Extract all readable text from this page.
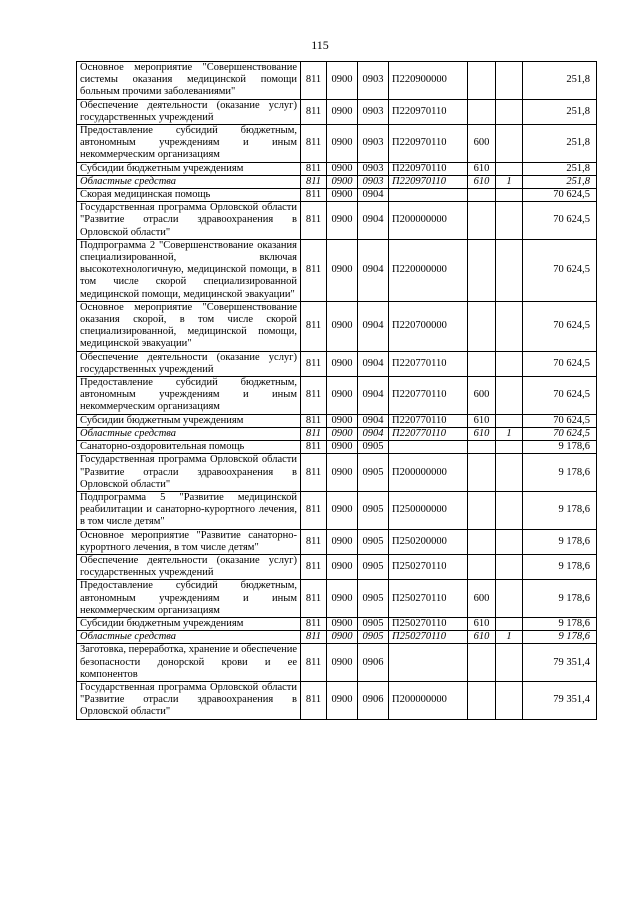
115
Основное мероприятие "Совершенствование системы оказания медицинской помощи больным прочими заболеваниями"	811	0900	0903	П220900000			251,8
Обеспечение деятельности (оказание услуг) государственных учреждений	811	0900	0903	П220970110			251,8
Предоставление субсидий бюджетным, автономным учреждениям и иным некоммерческим организациям	811	0900	0903	П220970110	600		251,8
Субсидии бюджетным учреждениям	811	0900	0903	П220970110	610		251,8
Областные средства	811	0900	0903	П220970110	610	1	251,8
Скорая медицинская помощь	811	0900	0904				70 624,5
Государственная программа Орловской области "Развитие отрасли здравоохранения в Орловской области"	811	0900	0904	П200000000			70 624,5
Подпрограмма 2 "Совершенствование оказания специализированной, включая высокотехнологичную, медицинской помощи, в том числе скорой специализированной медицинской помощи, медицинской эвакуации"	811	0900	0904	П220000000			70 624,5
Основное мероприятие "Совершенствование оказания скорой, в том числе скорой специализированной, медицинской помощи, медицинской эвакуации"	811	0900	0904	П220700000			70 624,5
Обеспечение деятельности (оказание услуг) государственных учреждений	811	0900	0904	П220770110			70 624,5
Предоставление субсидий бюджетным, автономным учреждениям и иным некоммерческим организациям	811	0900	0904	П220770110	600		70 624,5
Субсидии бюджетным учреждениям	811	0900	0904	П220770110	610		70 624,5
Областные средства	811	0900	0904	П220770110	610	1	70 624,5
Санаторно-оздоровительная помощь	811	0900	0905				9 178,6
Государственная программа Орловской области "Развитие отрасли здравоохранения в Орловской области"	811	0900	0905	П200000000			9 178,6
Подпрограмма 5 "Развитие медицинской реабилитации и санаторно-курортного лечения, в том числе детям"	811	0900	0905	П250000000			9 178,6
Основное мероприятие "Развитие санаторно-курортного лечения, в том числе детям"	811	0900	0905	П250200000			9 178,6
Обеспечение деятельности (оказание услуг) государственных учреждений	811	0900	0905	П250270110			9 178,6
Предоставление субсидий бюджетным, автономным учреждениям и иным некоммерческим организациям	811	0900	0905	П250270110	600		9 178,6
Субсидии бюджетным учреждениям	811	0900	0905	П250270110	610		9 178,6
Областные средства	811	0900	0905	П250270110	610	1	9 178,6
Заготовка, переработка, хранение и обеспечение безопасности донорской крови и ее компонентов	811	0900	0906				79 351,4
Государственная программа Орловской области "Развитие отрасли здравоохранения в Орловской области"	811	0900	0906	П200000000			79 351,4
